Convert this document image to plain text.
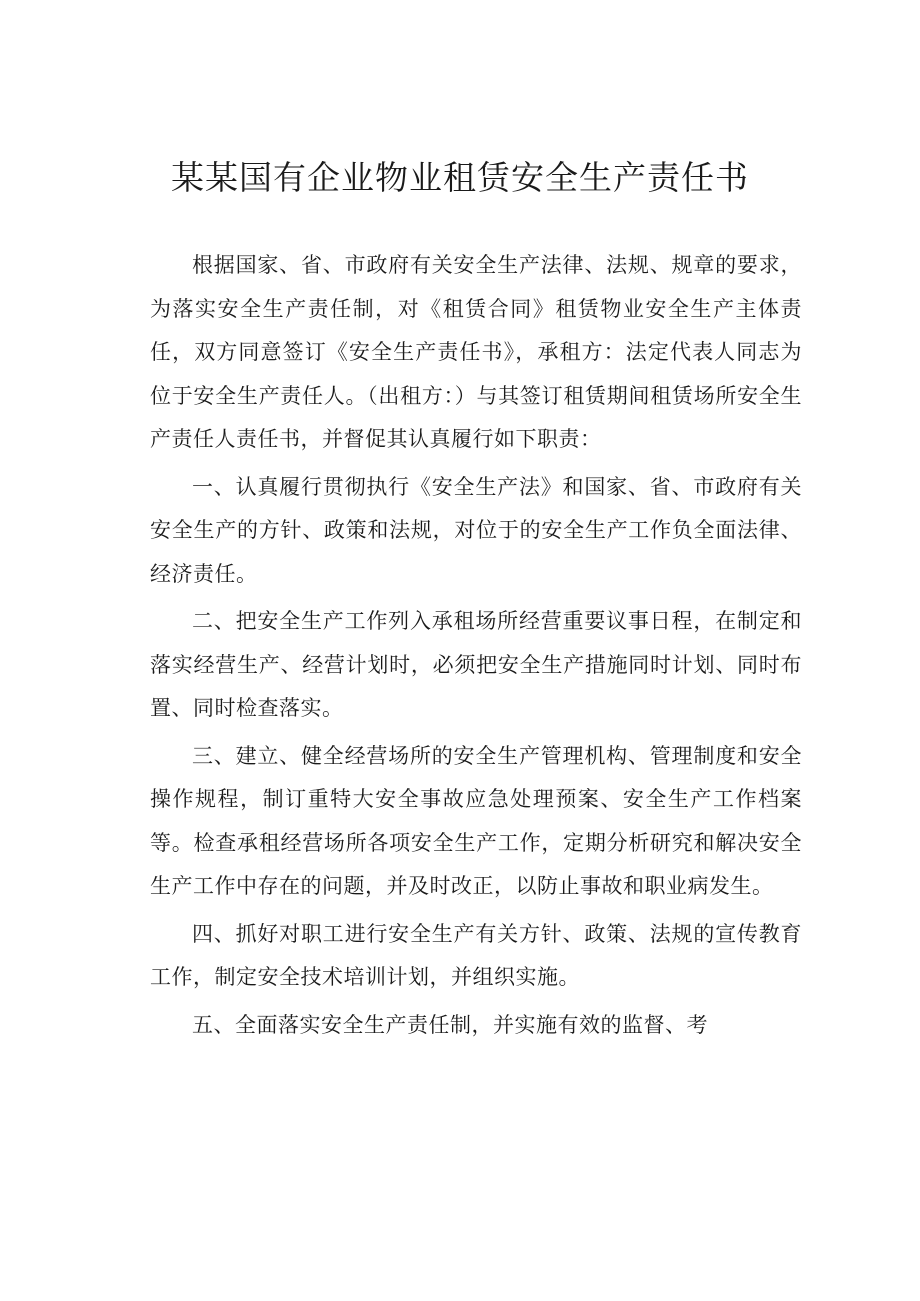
某某国有企业物业租赁安全生产责任书

根据国家、省、市政府有关安全生产法律、法规、规章的要求，为落实安全生产责任制，对《租赁合同》租赁物业安全生产主体责任，双方同意签订《安全生产责任书》，承租方：法定代表人同志为位于安全生产责任人。（出租方：）与其签订租赁期间租赁场所安全生产责任人责任书，并督促其认真履行如下职责：

一、认真履行贯彻执行《安全生产法》和国家、省、市政府有关安全生产的方针、政策和法规，对位于的安全生产工作负全面法律、经济责任。

二、把安全生产工作列入承租场所经营重要议事日程，在制定和落实经营生产、经营计划时，必须把安全生产措施同时计划、同时布置、同时检查落实。

三、建立、健全经营场所的安全生产管理机构、管理制度和安全操作规程，制订重特大安全事故应急处理预案、安全生产工作档案等。检查承租经营场所各项安全生产工作，定期分析研究和解决安全生产工作中存在的问题，并及时改正，以防止事故和职业病发生。

四、抓好对职工进行安全生产有关方针、政策、法规的宣传教育工作，制定安全技术培训计划，并组织实施。

五、全面落实安全生产责任制，并实施有效的监督、考
